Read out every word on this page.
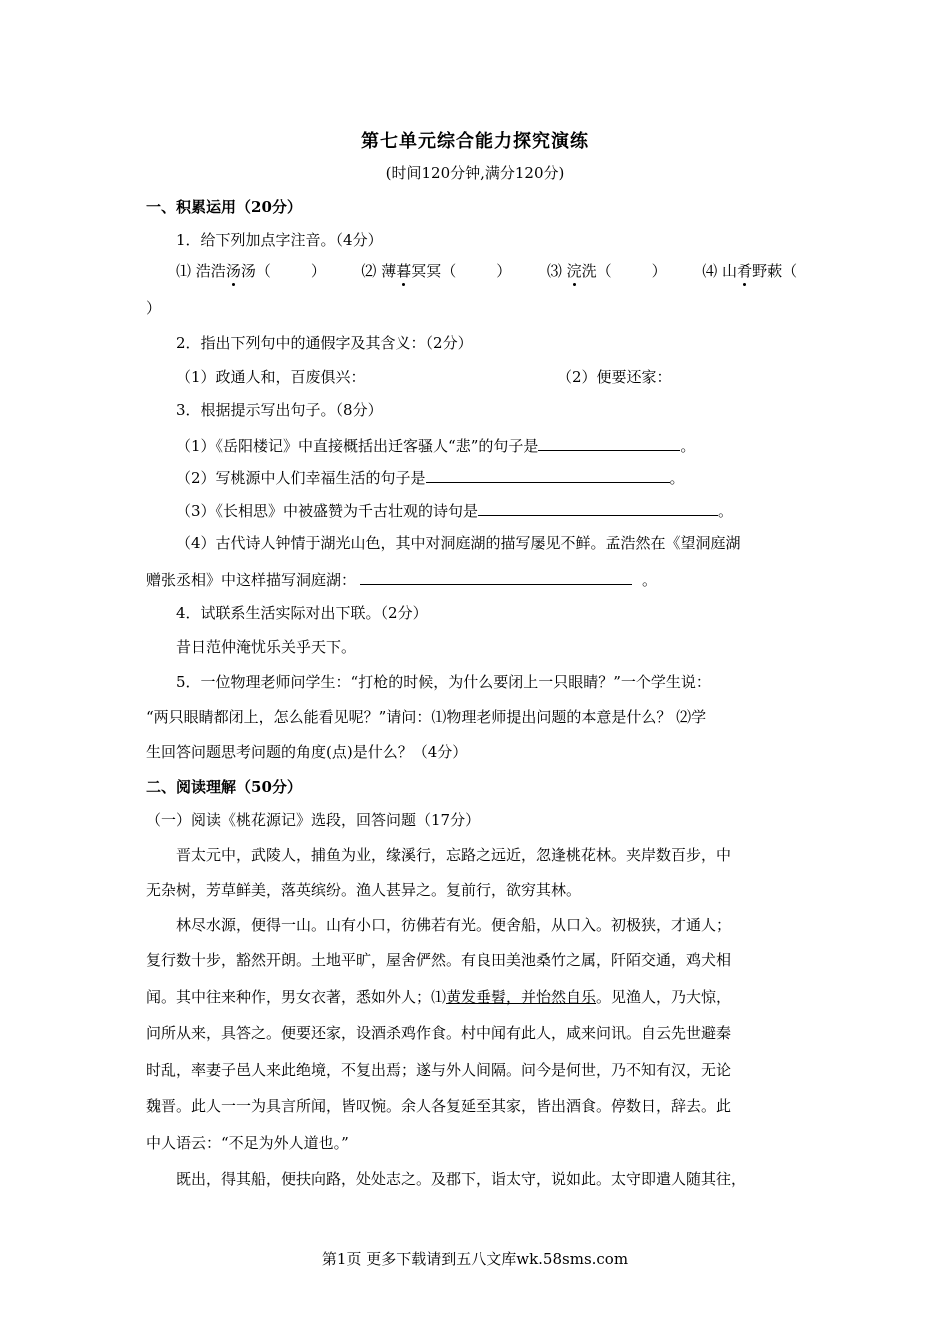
第七单元综合能力探究演练
(时间120分钟,满分120分)
一、积累运用（20分）
1．给下列加点字注音。（4分）
⑴ 浩浩汤汤（	） ⑵ 薄暮冥冥（	） ⑶ 浣洗（	） ⑷ 山肴野蔌（
）
2．指出下列句中的通假字及其含义：（2分）
（1）政通人和，百废俱兴：	（2）便要还家：
3．根据提示写出句子。（8分）
（1）《岳阳楼记》中直接概括出迁客骚人“悲”的句子是	。
（2）写桃源中人们幸福生活的句子是	。
（3）《长相思》中被盛赞为千古壮观的诗句是	。
（4）古代诗人钟情于湖光山色，其中对洞庭湖的描写屡见不鲜。孟浩然在《望洞庭湖
赠张丞相》中这样描写洞庭湖：	。
4．试联系生活实际对出下联。（2分）
昔日范仲淹忧乐关乎天下。
5．一位物理老师问学生：“打枪的时候，为什么要闭上一只眼睛？”一个学生说：
“两只眼睛都闭上，怎么能看见呢？”请问：⑴物理老师提出问题的本意是什么？ ⑵学
生回答问题思考问题的角度(点)是什么？（4分）
二、阅读理解（50分）
（一）阅读《桃花源记》选段，回答问题（17分）
晋太元中，武陵人，捕鱼为业，缘溪行，忘路之远近，忽逢桃花林。夹岸数百步，中
无杂树，芳草鲜美，落英缤纷。渔人甚异之。复前行，欲穷其林。
林尽水源，便得一山。山有小口，彷佛若有光。便舍船，从口入。初极狭，才通人；
复行数十步，豁然开朗。土地平旷，屋舍俨然。有良田美池桑竹之属，阡陌交通，鸡犬相
闻。其中往来种作，男女衣著，悉如外人；⑴黄发垂髫，并怡然自乐。见渔人，乃大惊，
问所从来，具答之。便要还家，设酒杀鸡作食。村中闻有此人，咸来问讯。自云先世避秦
时乱，率妻子邑人来此绝境，不复出焉；遂与外人间隔。问今是何世，乃不知有汉，无论
魏晋。此人一一为具言所闻，皆叹惋。余人各复延至其家，皆出酒食。停数日，辞去。此
中人语云：“不足为外人道也。”
既出，得其船，便扶向路，处处志之。及郡下，诣太守，说如此。太守即遣人随其往，
第1页 更多下载请到五八文库wk.58sms.com
